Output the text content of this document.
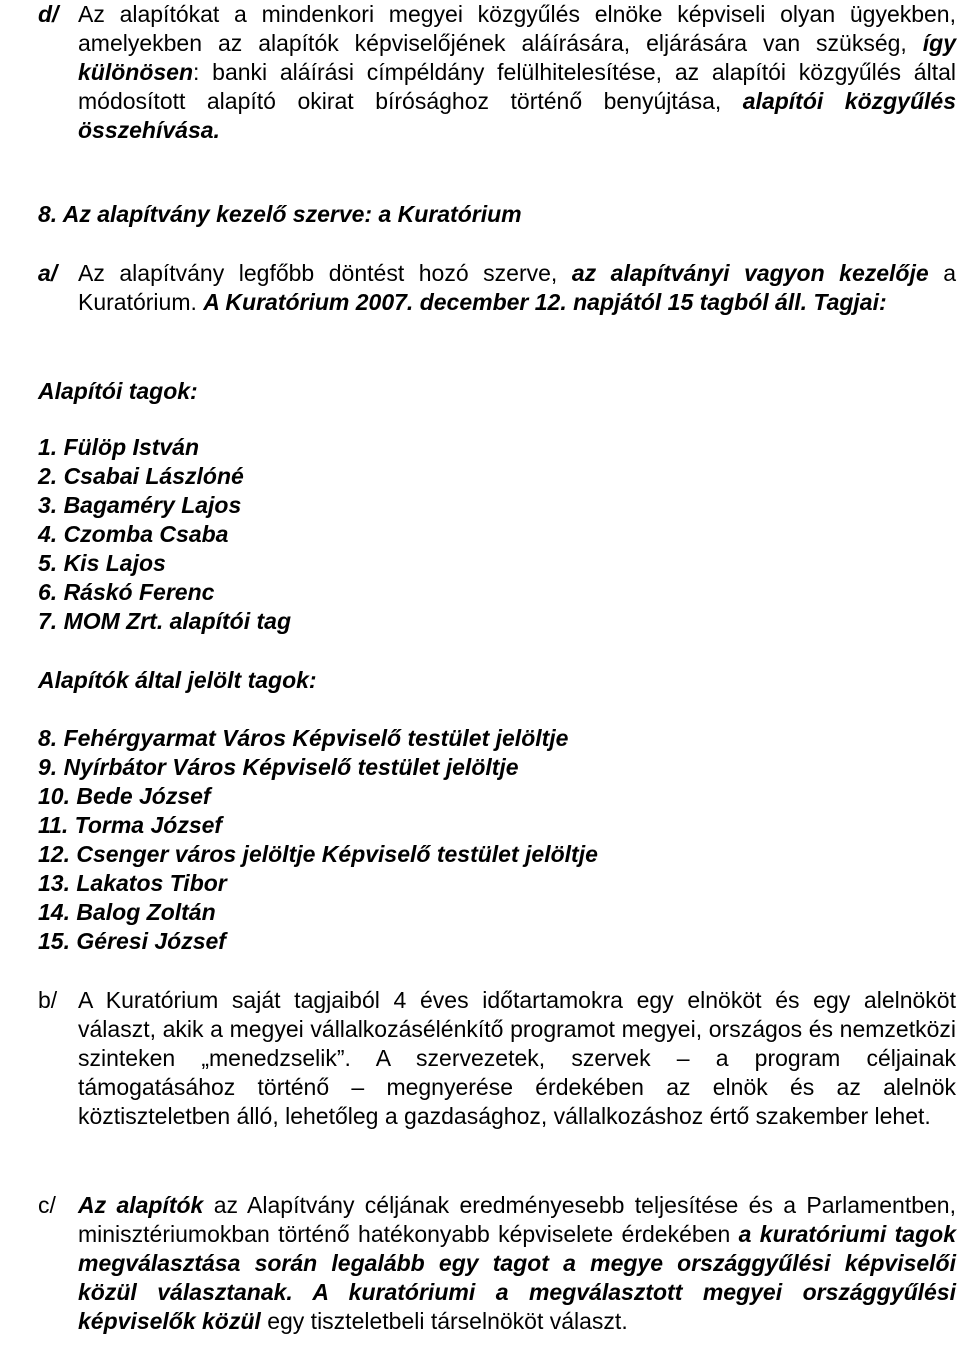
d/ Az alapítókat a mindenkori megyei közgyűlés elnöke képviseli olyan ügyekben, amelyekben az alapítók képviselőjének aláírására, eljárására van szükség, így különösen: banki aláírási címpéldány felülhitelesítése, az alapítói közgyűlés által módosított alapító okirat bírósághoz történő benyújtása, alapítói közgyűlés összehívása.

8. Az alapítvány kezelő szerve: a Kuratórium
a/ Az alapítvány legfőbb döntést hozó szerve, az alapítványi vagyon kezelője a Kuratórium. A Kuratórium 2007. december 12. napjától 15 tagból áll. Tagjai:

Alapítói tagok:
1. Fülöp István
2. Csabai Lászlóné
3. Bagaméry Lajos
4. Czomba Csaba
5. Kis Lajos
6. Ráskó Ferenc
7. MOM Zrt. alapítói tag
Alapítók által jelölt tagok:
8. Fehérgyarmat Város Képviselő testület jelöltje
9. Nyírbátor Város Képviselő testület jelöltje
10. Bede József
11. Torma József
12. Csenger város jelöltje Képviselő testület jelöltje
13. Lakatos Tibor
14. Balog Zoltán
15. Géresi József
b/ A Kuratórium saját tagjaiból 4 éves időtartamokra egy elnököt és egy alelnököt választ, akik a megyei vállalkozásélénkítő programot megyei, országos és nemzetközi szinteken „menedzselik”. A szervezetek, szervek – a program céljainak támogatásához történő – megnyerése érdekében az elnök és az alelnök köztiszteletben álló, lehetőleg a gazdasághoz, vállalkozáshoz értő szakember lehet.

c/ Az alapítók az Alapítvány céljának eredményesebb teljesítése és a Parlamentben, minisztériumokban történő hatékonyabb képviselete érdekében a kuratóriumi tagok megválasztása során legalább egy tagot a megye országgyűlési képviselői közül választanak. A kuratóriumi a megválasztott megyei országgyűlési képviselők közül egy tiszteletbeli társelnököt választ.
